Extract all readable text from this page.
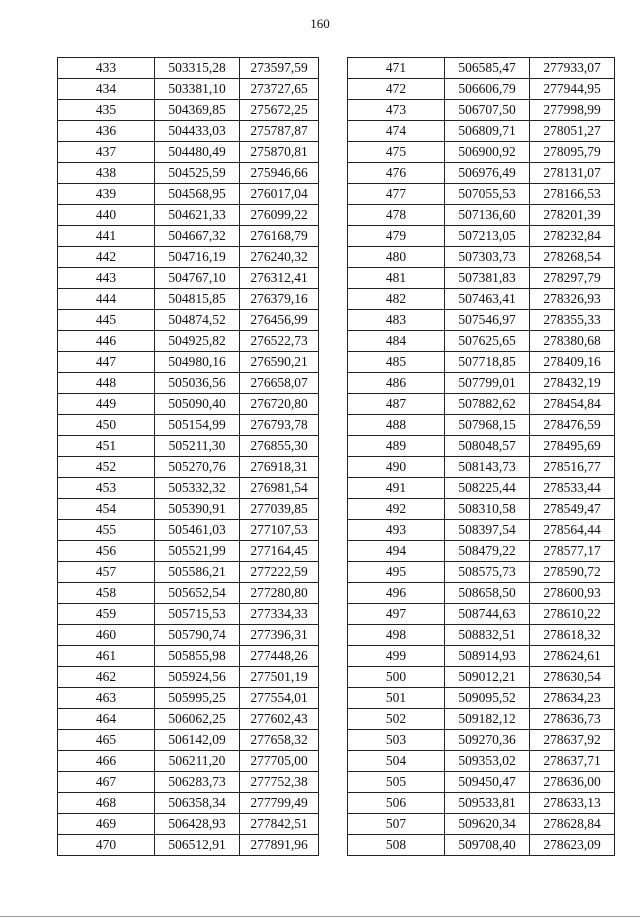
160
433	503315,28	273597,59
434	503381,10	273727,65
435	504369,85	275672,25
436	504433,03	275787,87
437	504480,49	275870,81
438	504525,59	275946,66
439	504568,95	276017,04
440	504621,33	276099,22
441	504667,32	276168,79
442	504716,19	276240,32
443	504767,10	276312,41
444	504815,85	276379,16
445	504874,52	276456,99
446	504925,82	276522,73
447	504980,16	276590,21
448	505036,56	276658,07
449	505090,40	276720,80
450	505154,99	276793,78
451	505211,30	276855,30
452	505270,76	276918,31
453	505332,32	276981,54
454	505390,91	277039,85
455	505461,03	277107,53
456	505521,99	277164,45
457	505586,21	277222,59
458	505652,54	277280,80
459	505715,53	277334,33
460	505790,74	277396,31
461	505855,98	277448,26
462	505924,56	277501,19
463	505995,25	277554,01
464	506062,25	277602,43
465	506142,09	277658,32
466	506211,20	277705,00
467	506283,73	277752,38
468	506358,34	277799,49
469	506428,93	277842,51
470	506512,91	277891,96
471	506585,47	277933,07
472	506606,79	277944,95
473	506707,50	277998,99
474	506809,71	278051,27
475	506900,92	278095,79
476	506976,49	278131,07
477	507055,53	278166,53
478	507136,60	278201,39
479	507213,05	278232,84
480	507303,73	278268,54
481	507381,83	278297,79
482	507463,41	278326,93
483	507546,97	278355,33
484	507625,65	278380,68
485	507718,85	278409,16
486	507799,01	278432,19
487	507882,62	278454,84
488	507968,15	278476,59
489	508048,57	278495,69
490	508143,73	278516,77
491	508225,44	278533,44
492	508310,58	278549,47
493	508397,54	278564,44
494	508479,22	278577,17
495	508575,73	278590,72
496	508658,50	278600,93
497	508744,63	278610,22
498	508832,51	278618,32
499	508914,93	278624,61
500	509012,21	278630,54
501	509095,52	278634,23
502	509182,12	278636,73
503	509270,36	278637,92
504	509353,02	278637,71
505	509450,47	278636,00
506	509533,81	278633,13
507	509620,34	278628,84
508	509708,40	278623,09
